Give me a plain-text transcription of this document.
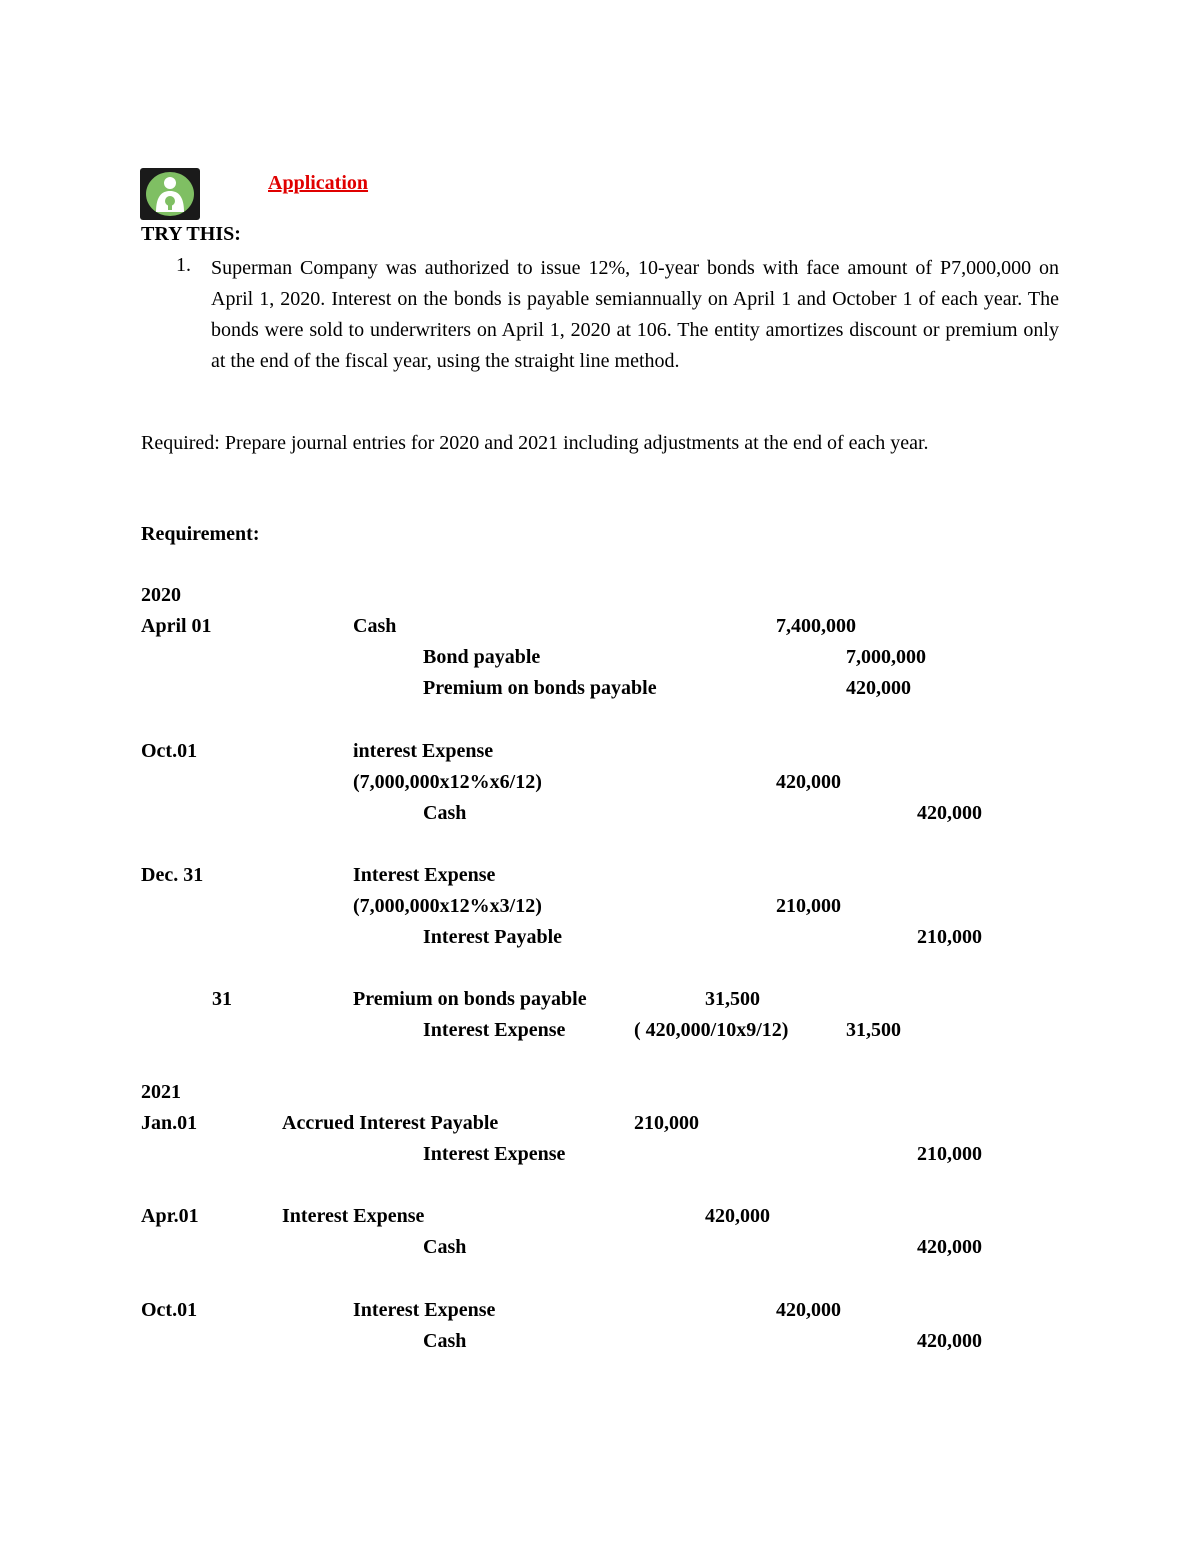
Application
TRY THIS:
1. Superman Company was authorized to issue 12%, 10-year bonds with face amount of P7,000,000 on April 1, 2020. Interest on the bonds is payable semiannually on April 1 and October 1 of each year. The bonds were sold to underwriters on April 1, 2020 at 106. The entity amortizes discount or premium only at the end of the fiscal year, using the straight line method.
Required: Prepare journal entries for 2020 and 2021 including adjustments at the end of each year.
Requirement:
2020
April 01	Cash	7,400,000
Bond payable	7,000,000
Premium on bonds payable	420,000
Oct.01	interest Expense
(7,000,000x12%x6/12)	420,000
Cash	420,000
Dec. 31	Interest Expense
(7,000,000x12%x3/12)	210,000
Interest Payable	210,000
31	Premium on bonds payable	31,500
Interest Expense	( 420,000/10x9/12)	31,500
2021
Jan.01	Accrued Interest Payable	210,000
Interest Expense	210,000
Apr.01	Interest Expense	420,000
Cash	420,000
Oct.01	Interest Expense	420,000
Cash	420,000
